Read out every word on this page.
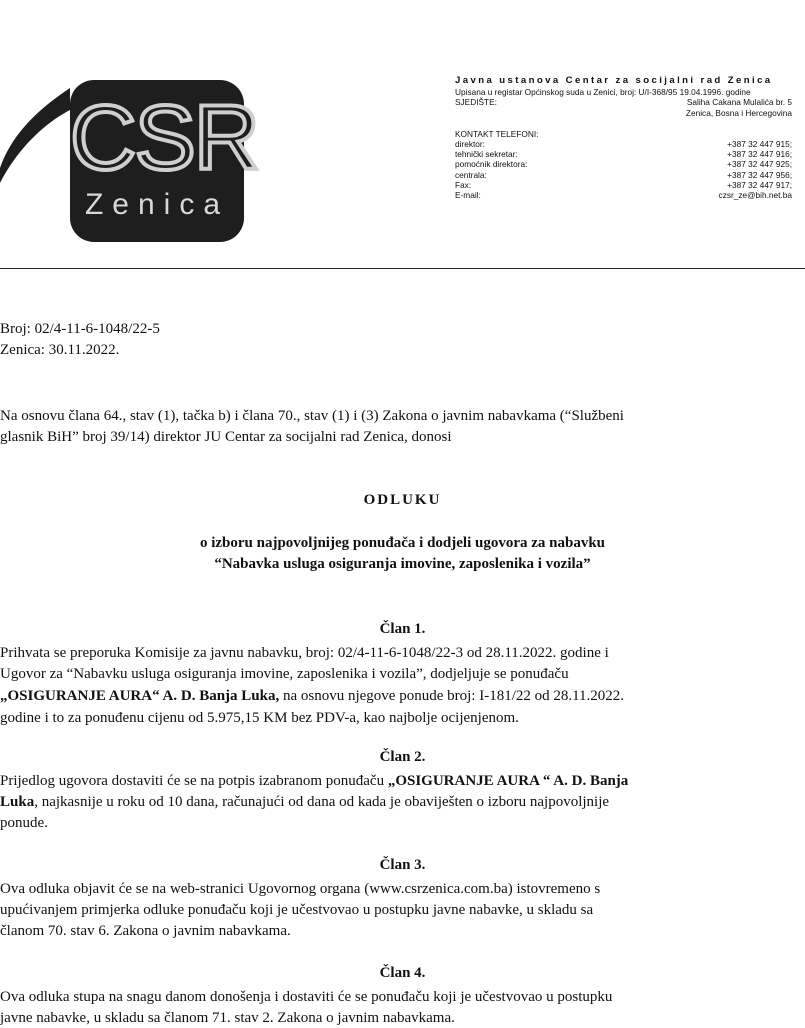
CSR
Zenica
Javna ustanova Centar za socijalni rad Zenica
Upisana u registar Općinskog suda u Zenici, broj: U/I-368/95 19.04.1996. godine
SJEDIŠTE:	Saliha Cakana Mulalića br. 5
Zenica, Bosna i Hercegovina
KONTAKT TELEFONI:
direktor:	+387 32 447 915;
tehnički sekretar:	+387 32 447 916;
pomoćnik direktora:	+387 32 447 925;
centrala:	+387 32 447 956;
Fax:	+387 32 447 917;
E-mail:	czsr_ze@bih.net.ba
Broj: 02/4-11-6-1048/22-5
Zenica: 30.11.2022.
Na osnovu člana 64., stav (1), tačka b) i člana 70., stav (1) i (3) Zakona o javnim nabavkama (“Službeni
glasnik BiH” broj 39/14) direktor JU Centar za socijalni rad Zenica, donosi
ODLUKU
o izboru najpovoljnijeg ponuđača i dodjeli ugovora za nabavku
“Nabavka usluga osiguranja imovine, zaposlenika i vozila”
Član 1.
Prihvata se preporuka Komisije za javnu nabavku, broj: 02/4-11-6-1048/22-3 od 28.11.2022. godine i
Ugovor za “Nabavku usluga osiguranja imovine, zaposlenika i vozila”, dodjeljuje se ponuđaču
„OSIGURANJE AURA“ A. D. Banja Luka, na osnovu njegove ponude broj: I-181/22 od 28.11.2022.
godine i to za ponuđenu cijenu od 5.975,15 KM bez PDV-a, kao najbolje ocijenjenom.
Član 2.
Prijedlog ugovora dostaviti će se na potpis izabranom ponuđaču „OSIGURANJE AURA “ A. D. Banja
Luka, najkasnije u roku od 10 dana, računajući od dana od kada je obaviješten o izboru najpovoljnije
ponude.
Član 3.
Ova odluka objavit će se na web-stranici Ugovornog organa (www.csrzenica.com.ba) istovremeno s
upućivanjem primjerka odluke ponuđaču koji je učestvovao u postupku javne nabavke, u skladu sa
članom 70. stav 6. Zakona o javnim nabavkama.
Član 4.
Ova odluka stupa na snagu danom donošenja i dostaviti će se ponuđaču koji je učestvovao u postupku
javne nabavke, u skladu sa članom 71. stav 2. Zakona o javnim nabavkama.
